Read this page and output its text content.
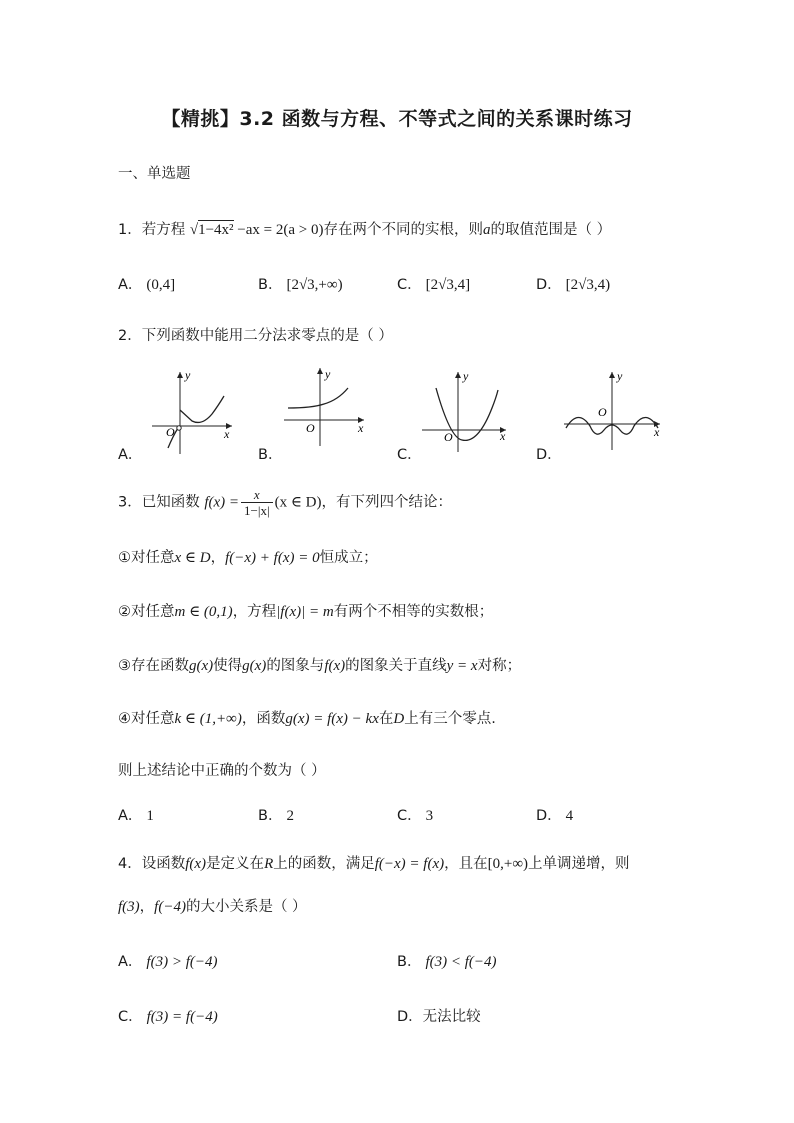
【精挑】3.2 函数与方程、不等式之间的关系课时练习
一、单选题
1．若方程 √1−4x² −ax = 2(a > 0)存在两个不同的实根，则a的取值范围是（ ）
A． (0,4]	B． [2√3,+∞)	C． [2√3,4]	D． [2√3,4)
2．下列函数中能用二分法求零点的是（ ）
y
x
O
A．
y
x
O
B．
y
x
O
C．
y
x
O
D．
3．已知函数 $f(x) = \frac{x}{1-|x|} (x$ ∈ D)，有下列四个结论：
①对任意x ∈ D，f(−x) + f(x) = 0恒成立；
②对任意m ∈ (0,1)，方程|f(x)| = m有两个不相等的实数根；
③存在函数g(x)使得g(x)的图象与f(x)的图象关于直线y = x对称；
④对任意k ∈ (1,+∞)，函数g(x) = f(x) − kx在D上有三个零点.
则上述结论中正确的个数为（ ）
A． 1	B． 2	C． 3	D． 4
4．设函数f(x)是定义在R上的函数，满足f(−x) = f(x)，且在[0,+∞)上单调递增，则
f(3)，f(−4)的大小关系是（ ）
A． f(3) > f(−4)	B． f(3) < f(−4)
C． f(3) = f(−4)	D．无法比较
